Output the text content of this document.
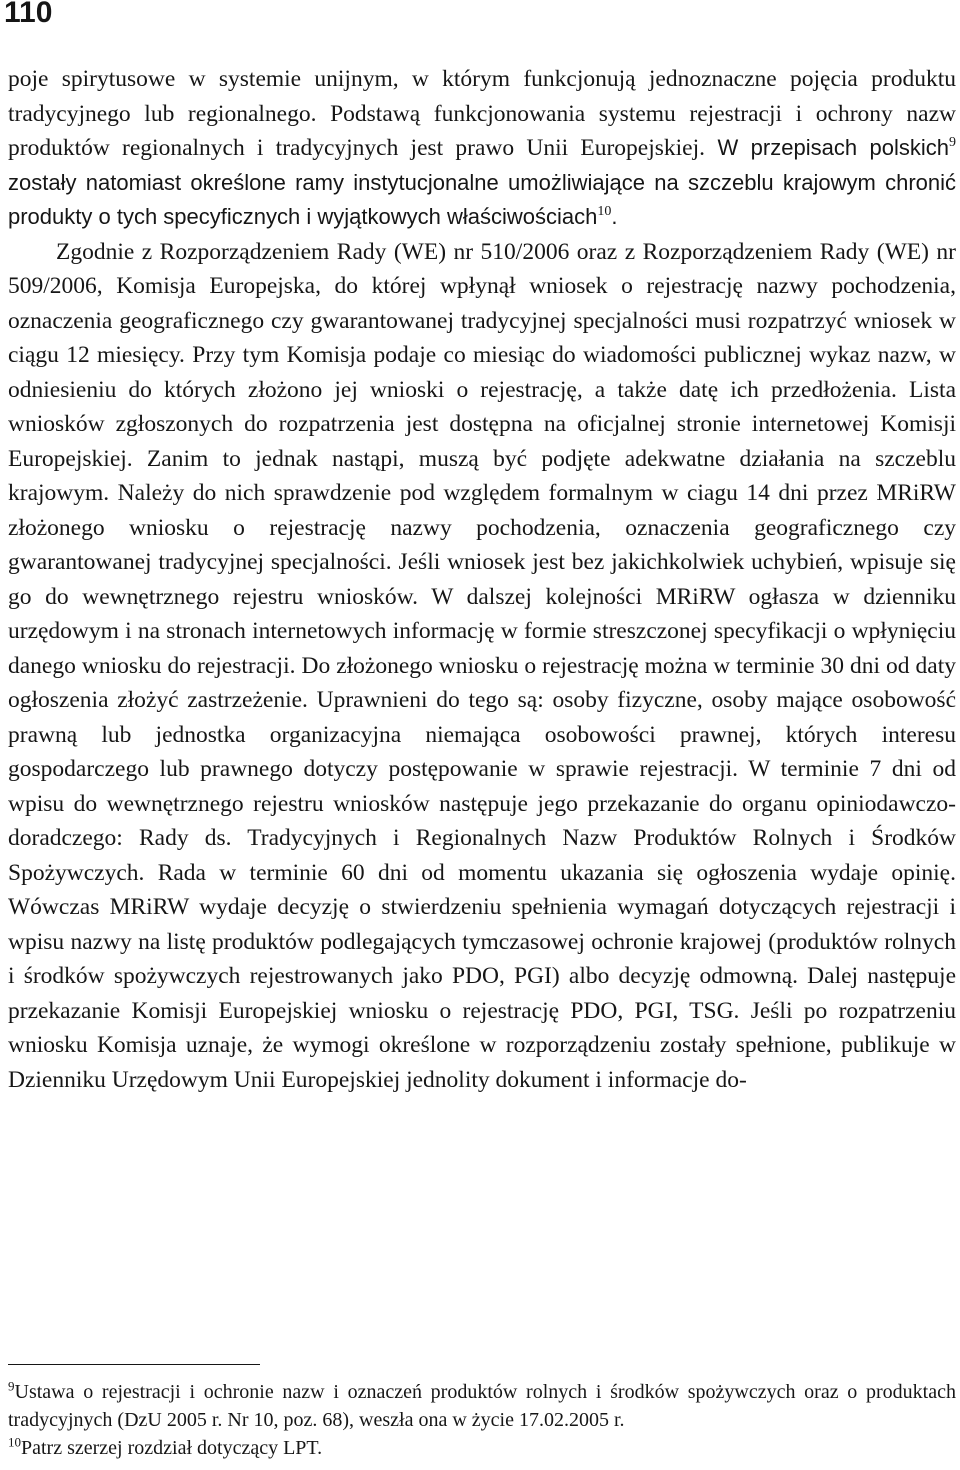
110

poje spirytusowe w systemie unijnym, w którym funkcjonują jednoznaczne pojęcia produktu tradycyjnego lub regionalnego. Podstawą funkcjonowania systemu rejestracji i ochrony nazw produktów regionalnych i tradycyjnych jest prawo Unii Europejskiej. W przepisach polskich$^9$ zostały natomiast określone ramy instytucjonalne umożliwiające na szczeblu krajowym chronić produkty o tych specyficznych i wyjątkowych właściwościach$^{10}$.

Zgodnie z Rozporządzeniem Rady (WE) nr 510/2006 oraz z Rozporządzeniem Rady (WE) nr 509/2006, Komisja Europejska, do której wpłynął wniosek o rejestrację nazwy pochodzenia, oznaczenia geograficznego czy gwarantowanej tradycyjnej specjalności musi rozpatrzyć wniosek w ciągu 12 miesięcy. Przy tym Komisja podaje co miesiąc do wiadomości publicznej wykaz nazw, w odniesieniu do których złożono jej wnioski o rejestrację, a także datę ich przedłożenia. Lista wniosków zgłoszonych do rozpatrzenia jest dostępna na oficjalnej stronie internetowej Komisji Europejskiej. Zanim to jednak nastąpi, muszą być podjęte adekwatne działania na szczeblu krajowym. Należy do nich sprawdzenie pod względem formalnym w ciagu 14 dni przez MRiRW złożonego wniosku o rejestrację nazwy pochodzenia, oznaczenia geograficznego czy gwarantowanej tradycyjnej specjalności. Jeśli wniosek jest bez jakichkolwiek uchybień, wpisuje się go do wewnętrznego rejestru wniosków. W dalszej kolejności MRiRW ogłasza w dzienniku urzędowym i na stronach internetowych informację w formie streszczonej specyfikacji o wpłynięciu danego wniosku do rejestracji. Do złożonego wniosku o rejestrację można w terminie 30 dni od daty ogłoszenia złożyć zastrzeżenie. Uprawnieni do tego są: osoby fizyczne, osoby mające osobowość prawną lub jednostka organizacyjna niemająca osobowości prawnej, których interesu gospodarczego lub prawnego dotyczy postępowanie w sprawie rejestracji. W terminie 7 dni od wpisu do wewnętrznego rejestru wniosków następuje jego przekazanie do organu opiniodawczo-doradczego: Rady ds. Tradycyjnych i Regionalnych Nazw Produktów Rolnych i Środków Spożywczych. Rada w terminie 60 dni od momentu ukazania się ogłoszenia wydaje opinię. Wówczas MRiRW wydaje decyzję o stwierdzeniu spełnienia wymagań dotyczących rejestracji i wpisu nazwy na listę produktów podlegających tymczasowej ochronie krajowej (produktów rolnych i środków spożywczych rejestrowanych jako PDO, PGI) albo decyzję odmowną. Dalej następuje przekazanie Komisji Europejskiej wniosku o rejestrację PDO, PGI, TSG. Jeśli po rozpatrzeniu wniosku Komisja uznaje, że wymogi określone w rozporządzeniu zostały spełnione, publikuje w Dzienniku Urzędowym Unii Europejskiej jednolity dokument i informacje do-

$^9$Ustawa o rejestracji i ochronie nazw i oznaczeń produktów rolnych i środków spożywczych oraz o produktach tradycyjnych (DzU 2005 r. Nr 10, poz. 68), weszła ona w życie 17.02.2005 r.

$^{10}$Patrz szerzej rozdział dotyczący LPT.
